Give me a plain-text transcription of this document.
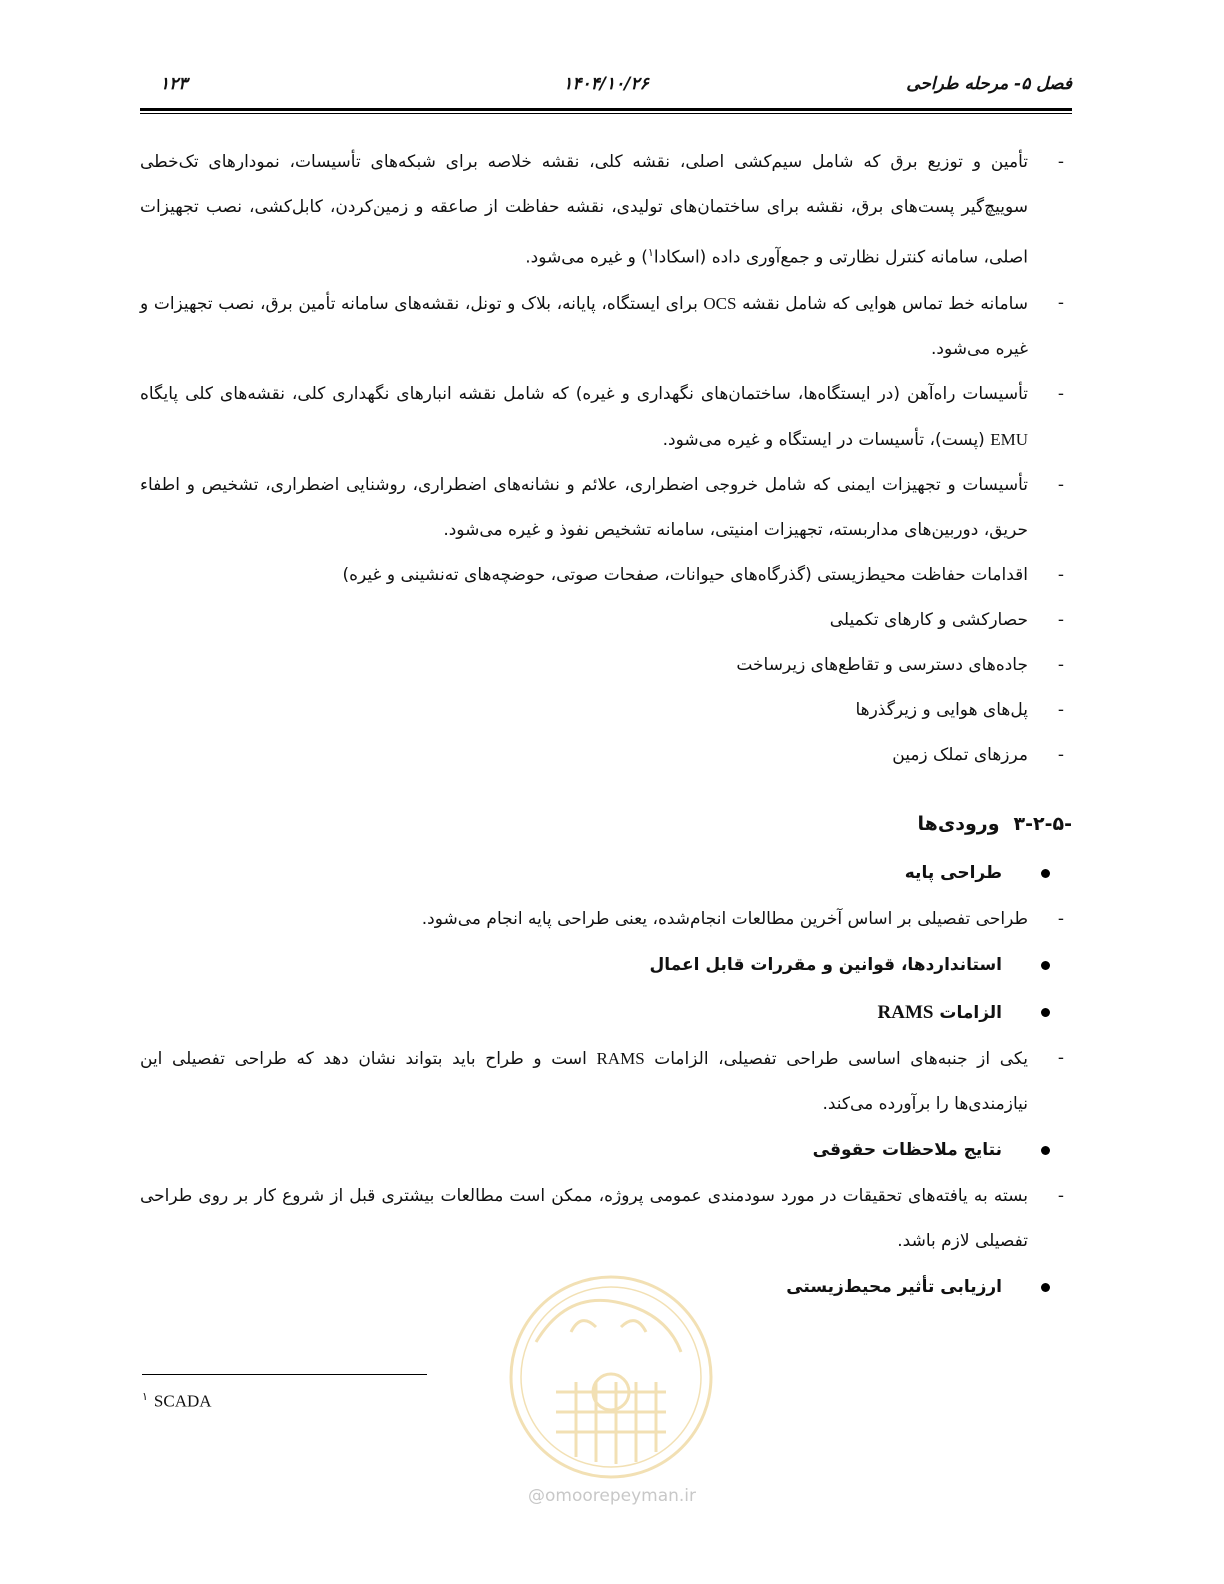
فصل ۵- مرحله طراحی
۱۴۰۴/۱۰/۲۶
۱۲۳
-
تأمین و توزیع برق که شامل سیم‌کشی اصلی، نقشه کلی، نقشه خلاصه برای شبکه‌های تأسیسات، نمودارهای تک‌خطی سوییچ‌گیر پست‌های برق، نقشه برای ساختمان‌های تولیدی، نقشه حفاظت از صاعقه و زمین‌کردن، کابل‌کشی، نصب تجهیزات اصلی، سامانه کنترل نظارتی و جمع‌آوری داده (اسکادا$^۱$) و غیره می‌شود.
-
سامانه خط تماس هوایی که شامل نقشه OCS برای ایستگاه، پایانه، بلاک و تونل، نقشه‌های سامانه تأمین برق، نصب تجهیزات و غیره می‌شود.
-
تأسیسات راه‌آهن (در ایستگاه‌ها، ساختمان‌های نگهداری و غیره) که شامل نقشه انبارهای نگهداری کلی، نقشه‌های کلی پایگاه EMU (پست)، تأسیسات در ایستگاه و غیره می‌شود.
-
تأسیسات و تجهیزات ایمنی که شامل خروجی اضطراری، علائم و نشانه‌های اضطراری، روشنایی اضطراری، تشخیص و اطفاء حریق، دوربین‌های مداربسته، تجهیزات امنیتی، سامانه تشخیص نفوذ و غیره می‌شود.
-
اقدامات حفاظت محیط‌زیستی (گذرگاه‌های حیوانات، صفحات صوتی، حوضچه‌های ته‌نشینی و غیره)
-
حصارکشی و کارهای تکمیلی
-
جاده‌های دسترسی و تقاطع‌های زیرساخت
-
پل‌های هوایی و زیرگذرها
-
مرزهای تملک زمین
۳-۲-۵-ورودی‌ها
طراحی پایه
-
طراحی تفصیلی بر اساس آخرین مطالعات انجام‌شده، یعنی طراحی پایه انجام می‌شود.
استانداردها، قوانین و مقررات قابل اعمال
الزامات RAMS
-
یکی از جنبه‌های اساسی طراحی تفصیلی، الزامات RAMS است و طراح باید بتواند نشان دهد که طراحی تفصیلی این نیازمندی‌ها را برآورده می‌کند.
نتایج ملاحظات حقوقی
-
بسته به یافته‌های تحقیقات در مورد سودمندی عمومی پروژه، ممکن است مطالعات بیشتری قبل از شروع کار بر روی طراحی تفصیلی لازم باشد.
ارزیابی تأثیر محیط‌زیستی
@omoorepeyman.ir
$^۱$ SCADA
